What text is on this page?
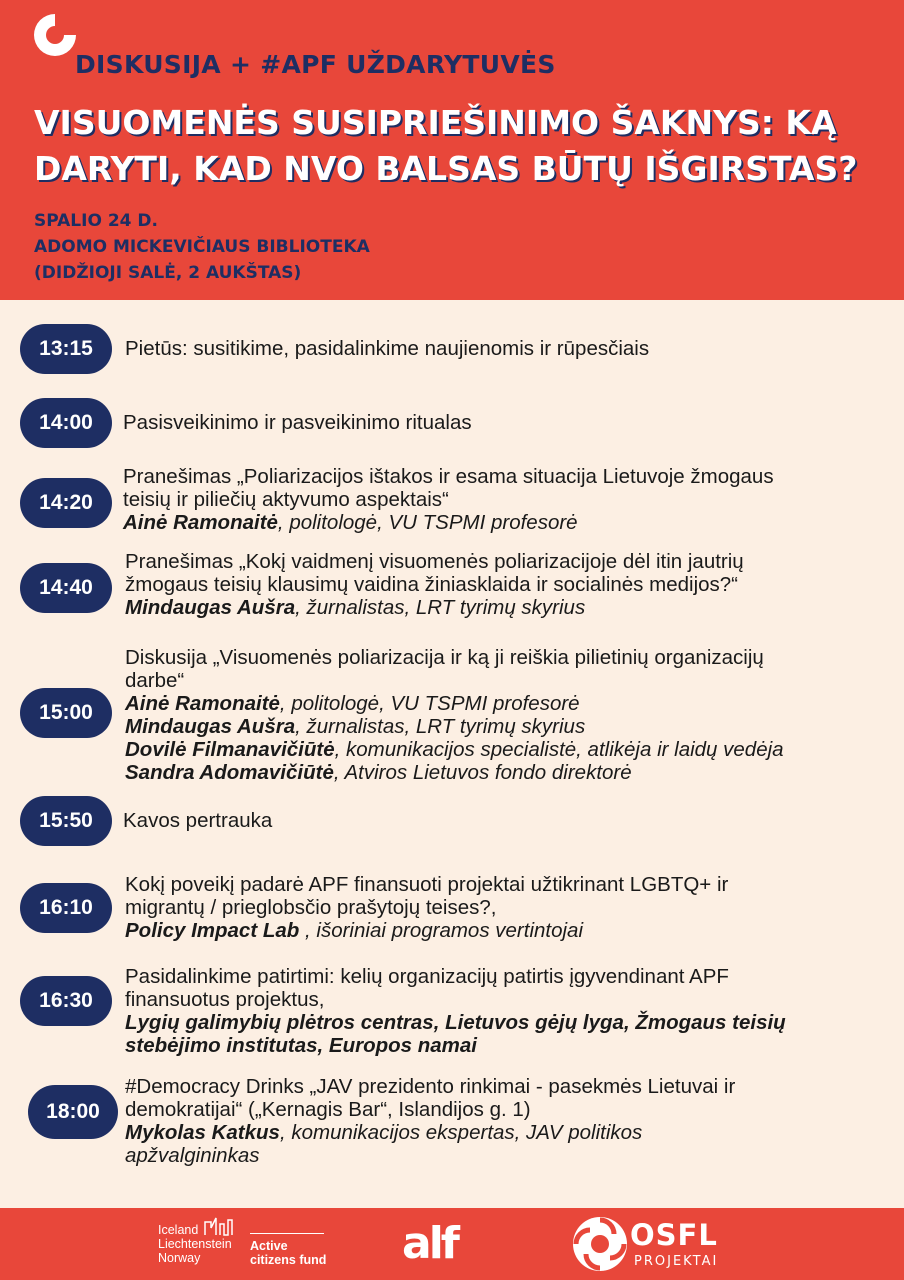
DISKUSIJA + #APF UŽDARYTUVĖS
VISUOMENĖS SUSIPRIEŠINIMO ŠAKNYS: KĄ
DARYTI, KAD NVO BALSAS BŪTŲ IŠGIRSTAS?
SPALIO 24 D.
ADOMO MICKEVIČIAUS BIBLIOTEKA
(DIDŽIOJI SALĖ, 2 AUKŠTAS)
13:15	Pietūs: susitikime, pasidalinkime naujienomis ir rūpesčiais
14:00	Pasisveikinimo ir pasveikinimo ritualas
14:20
Pranešimas „Poliarizacijos ištakos ir esama situacija Lietuvoje žmogaus
teisių ir piliečių aktyvumo aspektais“
Ainė Ramonaitė, politologė, VU TSPMI profesorė
14:40
Pranešimas „Kokį vaidmenį visuomenės poliarizacijoje dėl itin jautrių
žmogaus teisių klausimų vaidina žiniasklaida ir socialinės medijos?“
Mindaugas Aušra, žurnalistas, LRT tyrimų skyrius
15:00
Diskusija „Visuomenės poliarizacija ir ką ji reiškia pilietinių organizacijų
darbe“
Ainė Ramonaitė, politologė, VU TSPMI profesorė
Mindaugas Aušra, žurnalistas, LRT tyrimų skyrius
Dovilė Filmanavičiūtė, komunikacijos specialistė, atlikėja ir laidų vedėja
Sandra Adomavičiūtė, Atviros Lietuvos fondo direktorė
15:50	Kavos pertrauka
16:10
Kokį poveikį padarė APF finansuoti projektai užtikrinant LGBTQ+ ir
migrantų / prieglobsčio prašytojų teises?,
Policy Impact Lab , išoriniai programos vertintojai
16:30
Pasidalinkime patirtimi: kelių organizacijų patirtis įgyvendinant APF
finansuotus projektus,
Lygių galimybių plėtros centras, Lietuvos gėjų lyga, Žmogaus teisių
stebėjimo institutas, Europos namai
18:00
#Democracy Drinks „JAV prezidento rinkimai - pasekmės Lietuvai ir
demokratijai“ („Kernagis Bar“, Islandijos g. 1)
Mykolas Katkus, komunikacijos ekspertas, JAV politikos
apžvalgininkas
Iceland
Liechtenstein
Norway
Active
citizens fund alf	OSFL
PROJEKTAI
